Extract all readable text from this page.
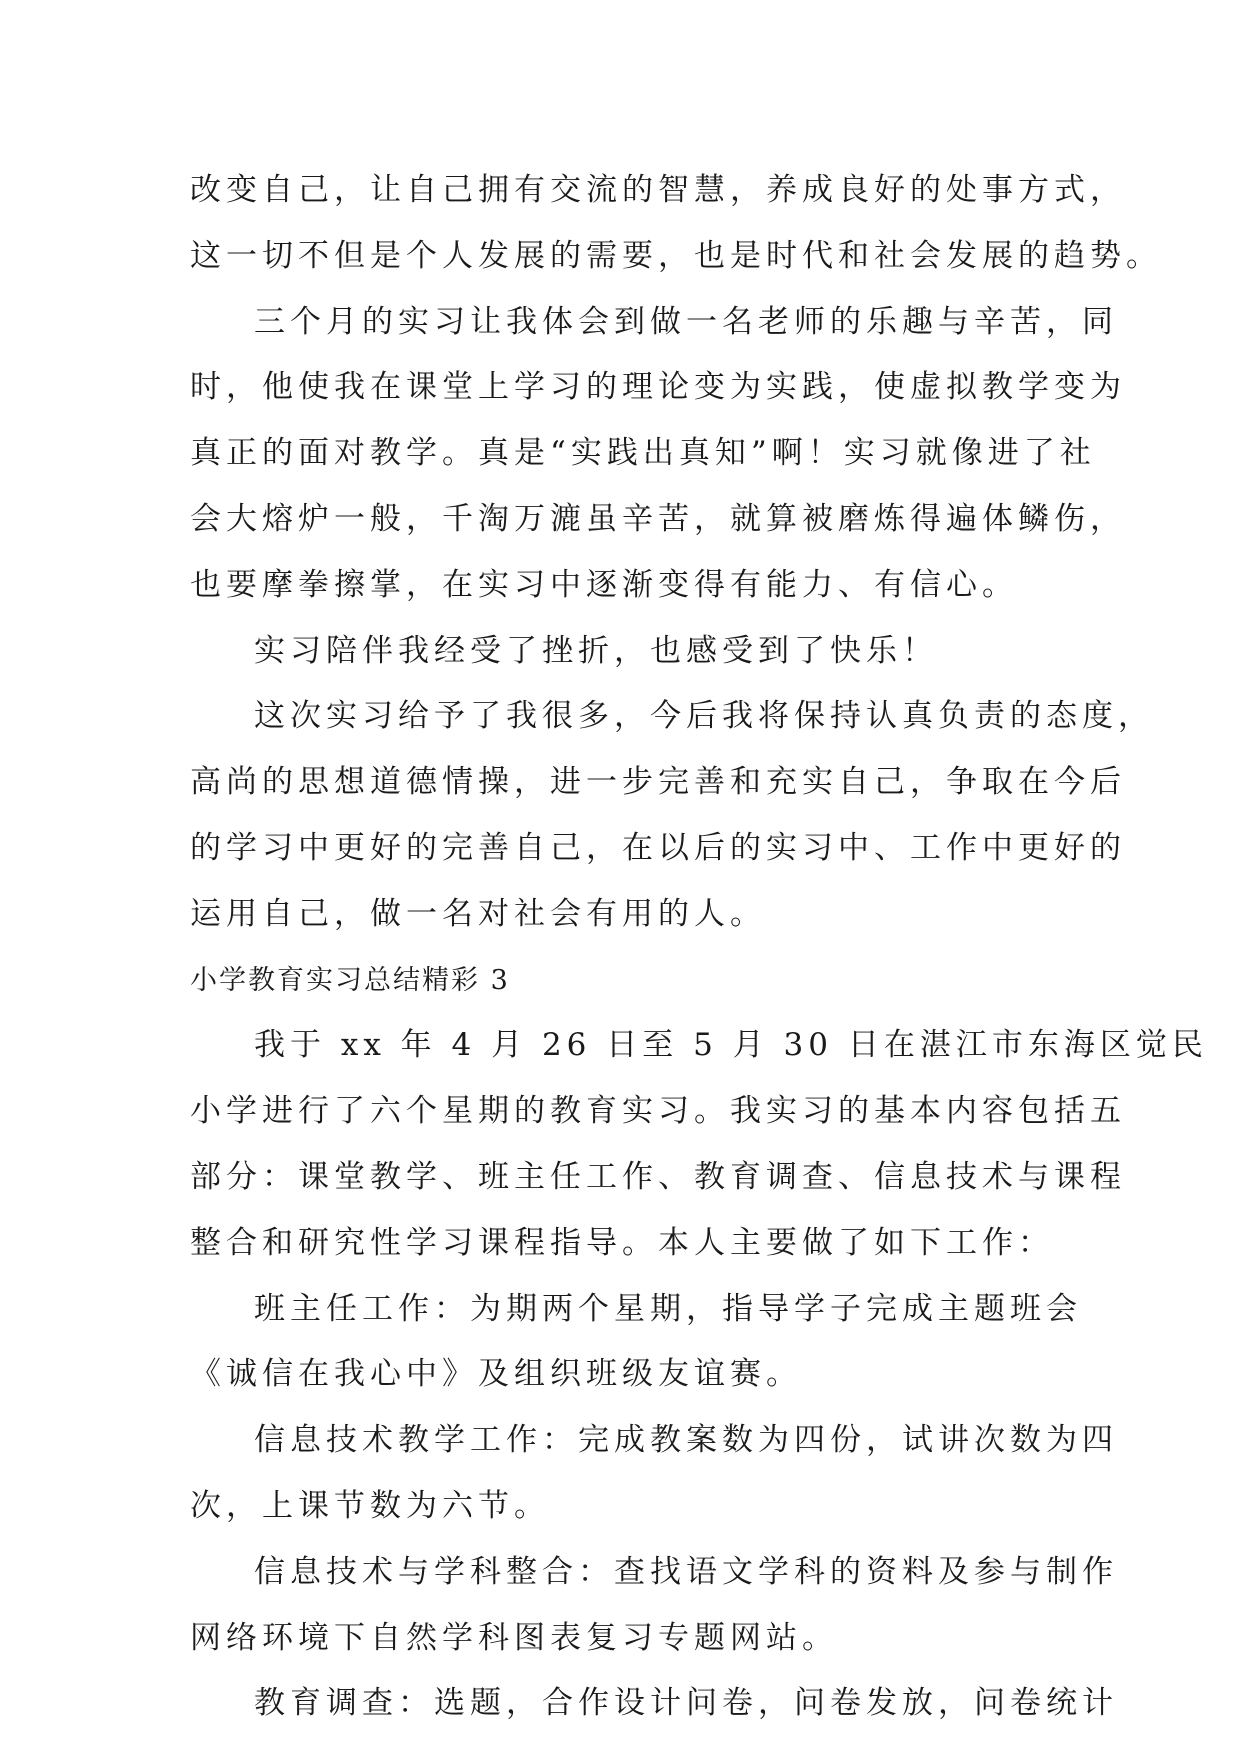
改变自己，让自己拥有交流的智慧，养成良好的处事方式，
这一切不但是个人发展的需要，也是时代和社会发展的趋势。
三个月的实习让我体会到做一名老师的乐趣与辛苦，同
时，他使我在课堂上学习的理论变为实践，使虚拟教学变为
真正的面对教学。真是“实践出真知”啊！实习就像进了社
会大熔炉一般，千淘万漉虽辛苦，就算被磨炼得遍体鳞伤，
也要摩拳擦掌，在实习中逐渐变得有能力、有信心。
实习陪伴我经受了挫折，也感受到了快乐！
这次实习给予了我很多，今后我将保持认真负责的态度，
高尚的思想道德情操，进一步完善和充实自己，争取在今后
的学习中更好的完善自己，在以后的实习中、工作中更好的
运用自己，做一名对社会有用的人。
小学教育实习总结精彩 3
我于 xx 年 4 月 26 日至 5 月 30 日在湛江市东海区觉民
小学进行了六个星期的教育实习。我实习的基本内容包括五
部分：课堂教学、班主任工作、教育调查、信息技术与课程
整合和研究性学习课程指导。本人主要做了如下工作：
班主任工作：为期两个星期，指导学子完成主题班会
《诚信在我心中》及组织班级友谊赛。
信息技术教学工作：完成教案数为四份，试讲次数为四
次，上课节数为六节。
信息技术与学科整合：查找语文学科的资料及参与制作
网络环境下自然学科图表复习专题网站。
教育调查：选题，合作设计问卷，问卷发放，问卷统计
